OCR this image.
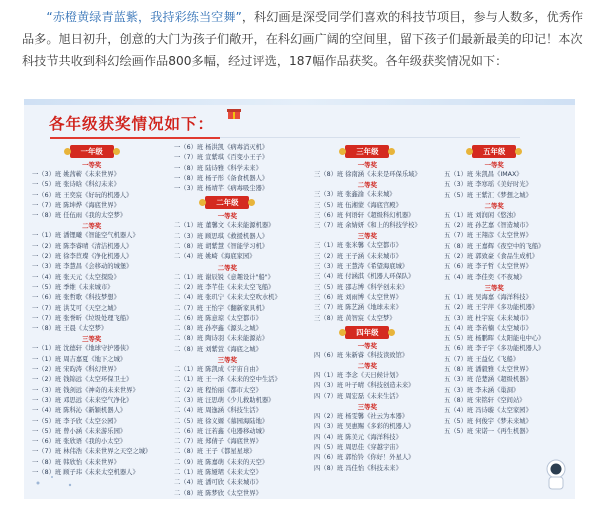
“赤橙黄绿青蓝紫，我持彩练当空舞”，科幻画是深受同学们喜欢的科技节项目，参与人数多，优秀作品多。旭日初升，创意的大门为孩子们敞开，在科幻画广阔的空间里，留下孩子们最新最美的印记！本次科技节共收到科幻绘画作品800多幅，经过评选，187幅作品获奖。各年级获奖情况如下：
各年级获奖情况如下：
一年级
一等奖
一（3）班 姚茜蕲《未来世界》
一（5）班 张诗晗《科幻未来》
一（6）班 王奕宸《好玩的机器人》
一（7）班 陈坤烨《海底世界》
一（8）班 任伍雨《我的太空梦》
二等奖
一（1）班 潘锂曦《智能空气机器人》
一（2）班 陈李睿晴《清洁机器人》
一（2）班 徐李苣璨《净化机器人》
一（3）班 李慧昌《会移动的城堡》
一（4）班 张天元《太空探险》
一（5）班 季维《未来城市》
一（6）班 张哲歌《科技梦想》
一（7）班 洪艾可《天空之城》
一（7）班 张誉昕《垃圾处理飞船》
一（8）班 王晨《太空梦》
三等奖
一（1）班 沈德轩《地球守护器侠》
一（1）班 周吉嘉夏《地下之城》
一（2）班 宋昀涛《科幻世界》
一（2）班 钱锦远《太空环保卫士》
一（3）班 钱剑远《神奇的未来世界》
一（3）班 邓思远《未来空气净化》
一（4）班 陈科沁《新颖机器人》
一（5）班 李予欣《太空公园》
一（5）班 曾小涵《未来游乐园》
一（6）班 张欣语《我的小太空》
一（7）班 林伟浩《未来世界之天空之城》
一（8）班 韩欣怡《未来世界》
一（8）班 顾子玮《未来太空机器人》
一（6）班 杨洪凯《病毒消灭机》
一（7）班 宣紫琪《百变小王子》
一（8）班 陆诗雅《科学未来》
一（8）班 杨子彤《备食机器人》
一（3）班 杨靖芊《病毒吸尘器》
二年级
一等奖
二（1）班 董馨文《未来能源机器》
二（3）班 顾思琪《救援机器人》
二（8）班 胡紫慧《智能学习机》
二（4）班 姚崎《海底家园》
二等奖
二（1）班 谢辰锐《意趣设计"船"》
二（2）班 李芊佳《未来太空飞船》
二（4）班 张玑宁《未来太空吹水机》
二（7）班 王怡宇《翻新家具机》
二（6）班 陈意琼《太空都市》
二（8）班 孙亭鑫《源头之城》
二（8）班 陶诗羽《未来能源站》
二（8）班 刘紫萱《海底之城》
三等奖
二（1）班 陈凯成《宇宙自由》
二（1）班 王一泽《未来的空中生活》
二（2）班 程怡丽《都市太空》
二（3）班 汪思萌《少儿救助机器》
二（4）班 周逸涵《科技生活》
二（5）班 徐义嫄《慕园海陆地》
二（6）班 汪若鑫《电器移动城》
二（7）班 郑倩子《海底世界》
二（8）班 王子《都星星球》
二（9）班 陈嘉萌《未来的天空》
二（1）班 陈娅珺《未来太空》
二（4）班 潘可欣《未来城市》
二（8）班 陈梦欣《太空世界》
三年级
一等奖
三（8）班 徐南涵《未来是环保乐域》
二等奖
三（3）班 张鑫渝《未来城》
三（5）班 伍湘蒙《海底宫殿》
三（6）班 何语轩《超级科幻机器》
三（7）班 余婧妍《和上的科技学校》
三等奖
三（1）班 张米馨《太空都市》
三（2）班 王子涵《未来城市》
三（3）班 王慧涛《希望海底城》
三（4）班 付涵淇《机器人环保队》
三（5）班 邵志博《科学创未来》
三（6）班 刘雨博《太空世界》
三（7）班 陈艺涵《地球未来》
三（8）班 黄智宸《太空梦》
四年级
一等奖
四（6）班 朱新睿《科技读致馆》
二等奖
四（1）班 李念《天日候计划》
四（3）班 叶子晴《科技创造未来》
四（7）班 周宏磊《未来生活》
三等奖
四（2）班 杨雯馨《社云为本器》
四（3）班 吴惠赐《多彩的机器人》
四（4）班 陈美元《海洋科技》
四（5）班 周思佳《穿越宇宙》
四（6）班 郭怡铃《你好！外星人》
四（8）班 冯佳怡《科技未来》
五年级
一等奖
五（1）班 朱凯昌《IMAX》
五（3）班 李寒瑶《美好时光》
五（5）班 王紫汇《梦想之城》
二等奖
五（1）班 刘润闲《悠浊》
五（2）班 孙艺嘉《智造城市》
五（7）班 王翔彦《太空世界》
五（8）班 王嘉辉《夜空中的飞船》
五（2）班 郭致豪《食品生成机》
五（6）班 李子哲《太空世界》
五（4）班 李佳奕《不夜城》
三等奖
五（1）班 吴海嘉《海洋科技》
五（2）班 王宇萍《多功能机器》
五（3）班 杜宇宸《未来城市》
五（4）班 李若楠《太空城市》
五（5）班 杨鹏晖《太阳能电中心》
五（6）班 李子宇《多功能机器人》
五（7）班 王益亿《飞船》
五（8）班 潘毅雅《太空世界》
五（3）班 范楚涵《超级机器》
五（3）班 李未涵《巢洞》
五（8）班 宋铭轩《空间站》
五（4）班 冯诗璇《太空家园》
五（5）班 何俊宇《梦未来城》
五（5）班 宋诺一《再生机器》
